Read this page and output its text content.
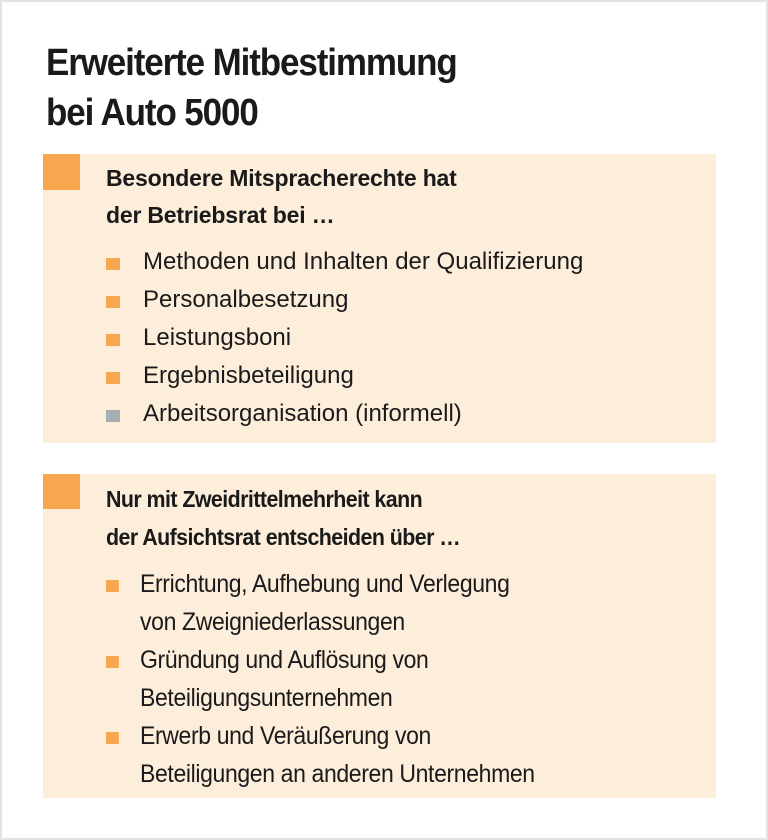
Erweiterte Mitbestimmung
bei Auto 5000
Besondere Mitspracherechte hat
der Betriebsrat bei …
Methoden und Inhalten der Qualifizierung
Personalbesetzung
Leistungsboni
Ergebnisbeteiligung
Arbeitsorganisation (informell)
Nur mit Zweidrittelmehrheit kann
der Aufsichtsrat entscheiden über …
Errichtung, Aufhebung und Verlegung
von Zweigniederlassungen
Gründung und Auflösung von
Beteiligungsunternehmen
Erwerb und Veräußerung von
Beteiligungen an anderen Unternehmen
